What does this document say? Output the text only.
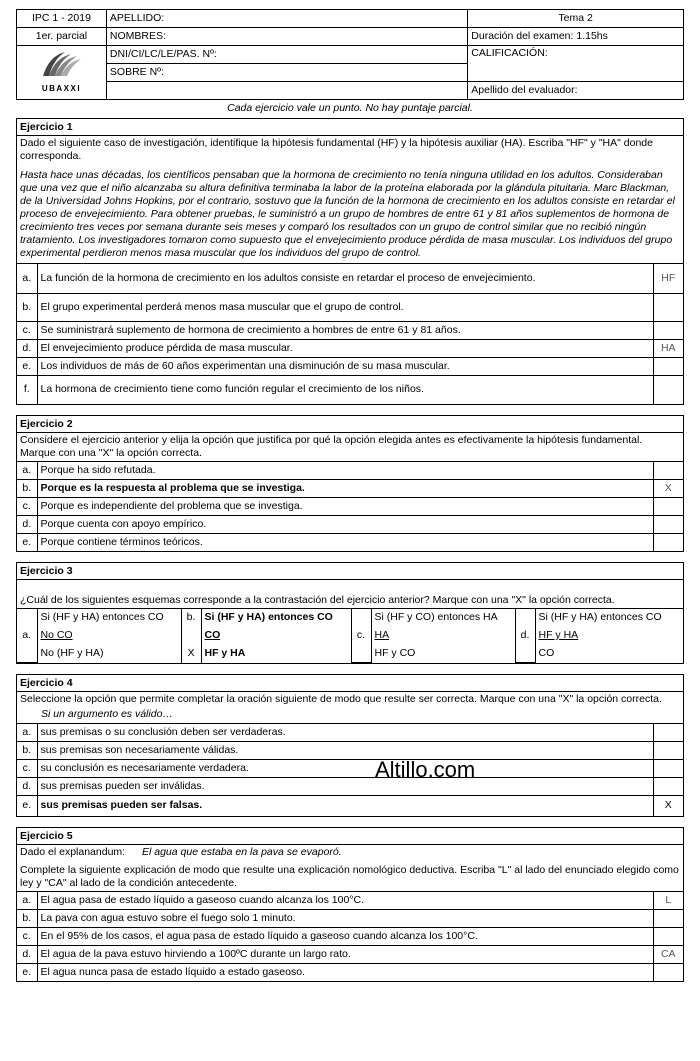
IPC 1 - 2019	APELLIDO:	Tema 2
1er. parcial	NOMBRES:	Duración del examen: 1.15hs

UBAXXI	DNI/CI/LC/LE/PAS. Nº:	CALIFICACIÓN:
	SOBRE Nº:	
		Apellido del evaluador:
Cada ejercicio vale un punto. No hay puntaje parcial.
Ejercicio 1
Dado el siguiente caso de investigación, identifique la hipótesis fundamental (HF) y la hipótesis auxiliar (HA). Escriba "HF" y "HA" donde corresponda.
Hasta hace unas décadas, los científicos pensaban que la hormona de crecimiento no tenía ninguna utilidad en los adultos. Consideraban que una vez que el niño alcanzaba su altura definitiva terminaba la labor de la proteína elaborada por la glándula pituitaria. Marc Blackman, de la Universidad Johns Hopkins, por el contrario, sostuvo que la función de la hormona de crecimiento en los adultos consiste en retardar el proceso de envejecimiento. Para obtener pruebas, le suministró a un grupo de hombres de entre 61 y 81 años suplementos de hormona de crecimiento tres veces por semana durante seis meses y comparó los resultados con un grupo de control similar que no recibió ningún tratamiento. Los investigadores tomaron como supuesto que el envejecimiento produce pérdida de masa muscular. Los individuos del grupo experimental perdieron menos masa muscular que los individuos del grupo de control.
a.	La función de la hormona de crecimiento en los adultos consiste en retardar el proceso de envejecimiento.	HF
b.	El grupo experimental perderá menos masa muscular que el grupo de control.	
c.	Se suministrará suplemento de hormona de crecimiento a hombres de entre 61 y 81 años.	
d.	El envejecimiento produce pérdida de masa muscular.	HA
e.	Los individuos de más de 60 años experimentan una disminución de su masa muscular.	
f.	La hormona de crecimiento tiene como función regular el crecimiento de los niños.	
Ejercicio 2
Considere el ejercicio anterior y elija la opción que justifica por qué la opción elegida antes es efectivamente la hipótesis fundamental. Marque con una "X" la opción correcta.
a.	Porque ha sido refutada.	
b.	Porque es la respuesta al problema que se investiga.	X
c.	Porque es independiente del problema que se investiga.	
d.	Porque cuenta con apoyo empírico.	
e.	Porque contiene términos teóricos.	
Ejercicio 3
¿Cuál de los siguientes esquemas corresponde a la contrastación del ejercicio anterior? Marque con una "X" la opción correcta.
a.	Si (HF y HA) entonces CO	b.	Si (HF y HA) entonces CO	c.	Si (HF y CO) entonces HA	d.	Si (HF y HA) entonces CO
	No CO		CO		HA		HF y HA
	No (HF y HA)	X	HF y HA		HF y CO		CO
Ejercicio 4
Seleccione la opción que permite completar la oración siguiente de modo que resulte ser correcta. Marque con una "X" la opción correcta.
Si un argumento es válido…
a.	sus premisas o su conclusión deben ser verdaderas.	
b.	sus premisas son necesariamente válidas.	
c.	su conclusión es necesariamente verdadera.	
d.	sus premisas pueden ser inválidas.	
e.	sus premisas pueden ser falsas.	X
Ejercicio 5
Dado el explanandum: El agua que estaba en la pava se evaporó.
Complete la siguiente explicación de modo que resulte una explicación nomológico deductiva. Escriba "L" al lado del enunciado elegido como ley y "CA" al lado de la condición antecedente.
a.	El agua pasa de estado líquido a gaseoso cuando alcanza los 100°C.	L
b.	La pava con agua estuvo sobre el fuego solo 1 minuto.	
c.	En el 95% de los casos, el agua pasa de estado líquido a gaseoso cuando alcanza los 100°C.	
d.	El agua de la pava estuvo hirviendo a 100ºC durante un largo rato.	CA
e.	El agua nunca pasa de estado líquido a estado gaseoso.	
Altillo.com
